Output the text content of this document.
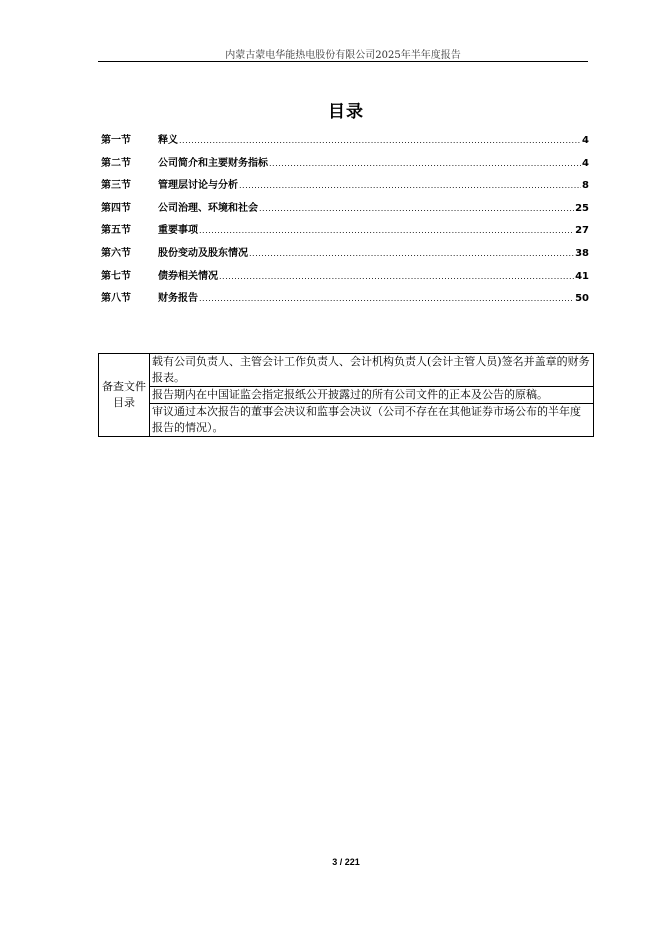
内蒙古蒙电华能热电股份有限公司2025年半年度报告
目录
第一节	释义 .....	4
第二节	公司简介和主要财务指标 .....	4
第三节	管理层讨论与分析 .....	8
第四节	公司治理、环境和社会 .....	25
第五节	重要事项 .....	27
第六节	股份变动及股东情况 .....	38
第七节	债券相关情况 .....	41
第八节	财务报告 .....	50
备查文件
目录
	载有公司负责人、主管会计工作负责人、会计机构负责人(会计主管人员)签名并盖章的财务报表。
报告期内在中国证监会指定报纸公开披露过的所有公司文件的正本及公告的原稿。
审议通过本次报告的董事会决议和监事会决议（公司不存在在其他证券市场公布的半年度报告的情况）。
3 / 221
